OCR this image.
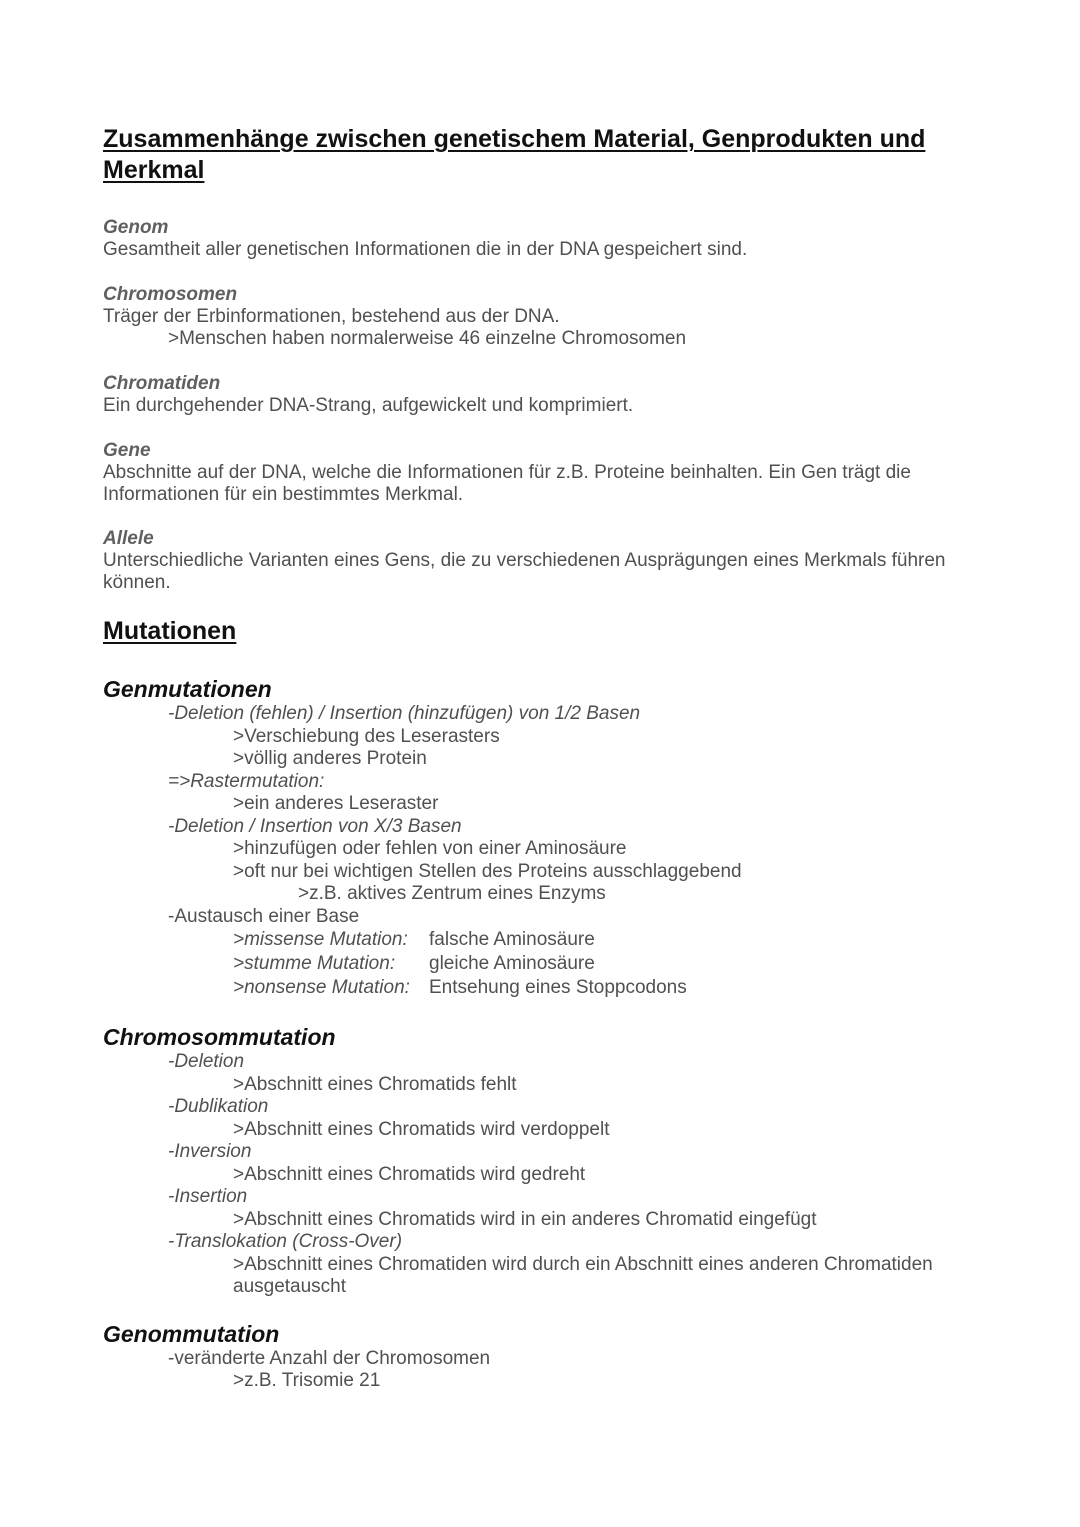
Zusammenhänge zwischen genetischem Material, Genprodukten und Merkmal

Genom

Gesamtheit aller genetischen Informationen die in der DNA gespeichert sind.

Chromosomen

Träger der Erbinformationen, bestehend aus der DNA.

>Menschen haben normalerweise 46 einzelne Chromosomen

Chromatiden

Ein durchgehender DNA-Strang, aufgewickelt und komprimiert.

Gene

Abschnitte auf der DNA, welche die Informationen für z.B. Proteine beinhalten. Ein Gen trägt die Informationen für ein bestimmtes Merkmal.

Allele

Unterschiedliche Varianten eines Gens, die zu verschiedenen Ausprägungen eines Merkmals führen können.

Mutationen
Genmutationen

-Deletion (fehlen) / Insertion (hinzufügen) von 1/2 Basen

>Verschiebung des Leserasters

>völlig anderes Protein

=>Rastermutation:

>ein anderes Leseraster

-Deletion / Insertion von X/3 Basen

>hinzufügen oder fehlen von einer Aminosäure

>oft nur bei wichtigen Stellen des Proteins ausschlaggebend

>z.B. aktives Zentrum eines Enzyms

-Austausch einer Base

>missense Mutation: falsche Aminosäure

>stumme Mutation: gleiche Aminosäure

>nonsense Mutation: Entsehung eines Stoppcodons

Chromosommutation

-Deletion

>Abschnitt eines Chromatids fehlt

-Dublikation

>Abschnitt eines Chromatids wird verdoppelt

-Inversion

>Abschnitt eines Chromatids wird gedreht

-Insertion

>Abschnitt eines Chromatids wird in ein anderes Chromatid eingefügt

-Translokation (Cross-Over)

>Abschnitt eines Chromatiden wird durch ein Abschnitt eines anderen Chromatiden

ausgetauscht

Genommutation

-veränderte Anzahl der Chromosomen

>z.B. Trisomie 21
